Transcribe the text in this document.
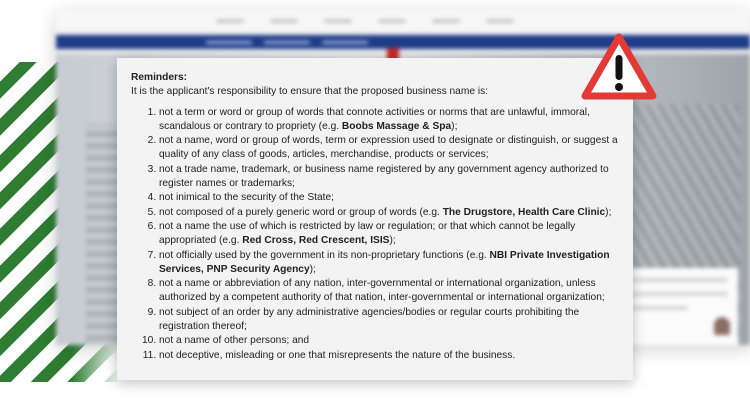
Reminders:
It is the applicant's responsibility to ensure that the proposed business name is:
1. not a term or word or group of words that connote activities or norms that are unlawful, immoral, scandalous or contrary to propriety (e.g. Boobs Massage & Spa);
2. not a name, word or group of words, term or expression used to designate or distinguish, or suggest a quality of any class of goods, articles, merchandise, products or services;
3. not a trade name, trademark, or business name registered by any government agency authorized to register names or trademarks;
4. not inimical to the security of the State;
5. not composed of a purely generic word or group of words (e.g. The Drugstore, Health Care Clinic);
6. not a name the use of which is restricted by law or regulation; or that which cannot be legally appropriated (e.g. Red Cross, Red Crescent, ISIS);
7. not officially used by the government in its non-proprietary functions (e.g. NBI Private Investigation Services, PNP Security Agency);
8. not a name or abbreviation of any nation, inter-governmental or international organization, unless authorized by a competent authority of that nation, inter-governmental or international organization;
9. not subject of an order by any administrative agencies/bodies or regular courts prohibiting the registration thereof;
10. not a name of other persons; and
11. not deceptive, misleading or one that misrepresents the nature of the business.
